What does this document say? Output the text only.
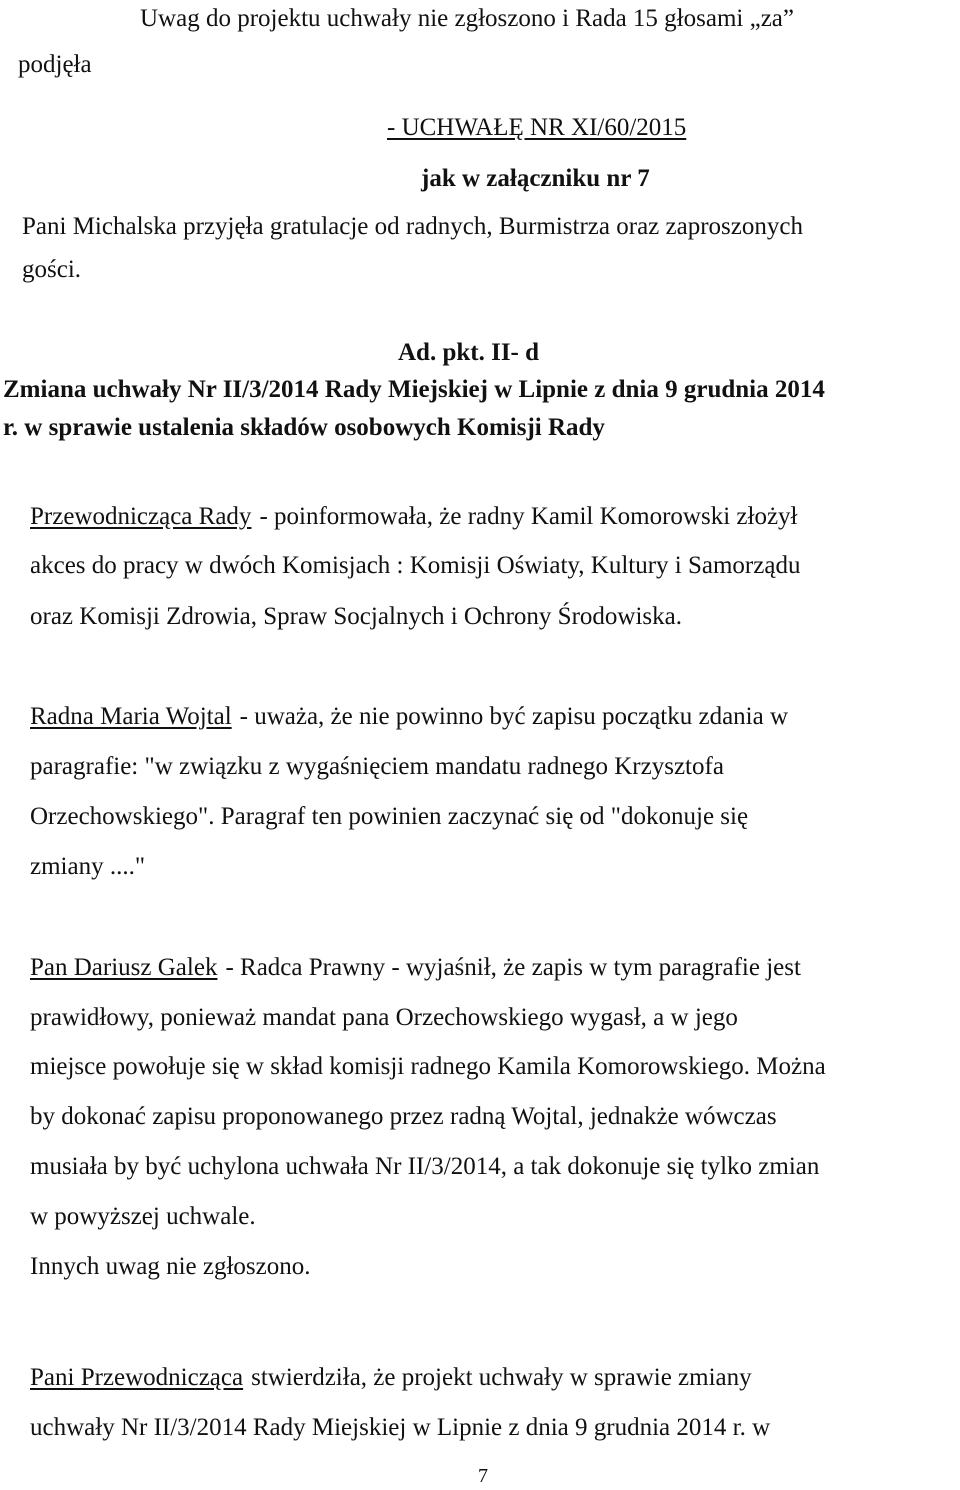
Uwag do projektu uchwały nie zgłoszono i Rada 15 głosami „za”
podjęła
- UCHWAŁĘ NR XI/60/2015
jak w załączniku nr 7
Pani Michalska przyjęła gratulacje od radnych, Burmistrza oraz zaproszonych
gości.
Ad. pkt. II- d
Zmiana uchwały Nr II/3/2014 Rady Miejskiej w Lipnie z dnia 9 grudnia 2014
r. w sprawie ustalenia składów osobowych Komisji Rady
Przewodnicząca Rady - poinformowała, że radny Kamil Komorowski złożył
akces do pracy w dwóch Komisjach : Komisji Oświaty, Kultury i Samorządu
oraz Komisji Zdrowia, Spraw Socjalnych i Ochrony Środowiska.
Radna Maria Wojtal - uważa, że nie powinno być zapisu początku zdania w
paragrafie: "w związku z wygaśnięciem mandatu radnego Krzysztofa
Orzechowskiego". Paragraf ten powinien zaczynać się od "dokonuje się
zmiany ...."
Pan Dariusz Galek - Radca Prawny - wyjaśnił, że zapis w tym paragrafie jest
prawidłowy, ponieważ mandat pana Orzechowskiego wygasł, a w jego
miejsce powołuje się w skład komisji radnego Kamila Komorowskiego. Można
by dokonać zapisu proponowanego przez radną Wojtal, jednakże wówczas
musiała by być uchylona uchwała Nr II/3/2014, a tak dokonuje się tylko zmian
w powyższej uchwale.
Innych uwag nie zgłoszono.
Pani Przewodnicząca stwierdziła, że projekt uchwały w sprawie zmiany
uchwały Nr II/3/2014 Rady Miejskiej w Lipnie z dnia 9 grudnia 2014 r. w
7
